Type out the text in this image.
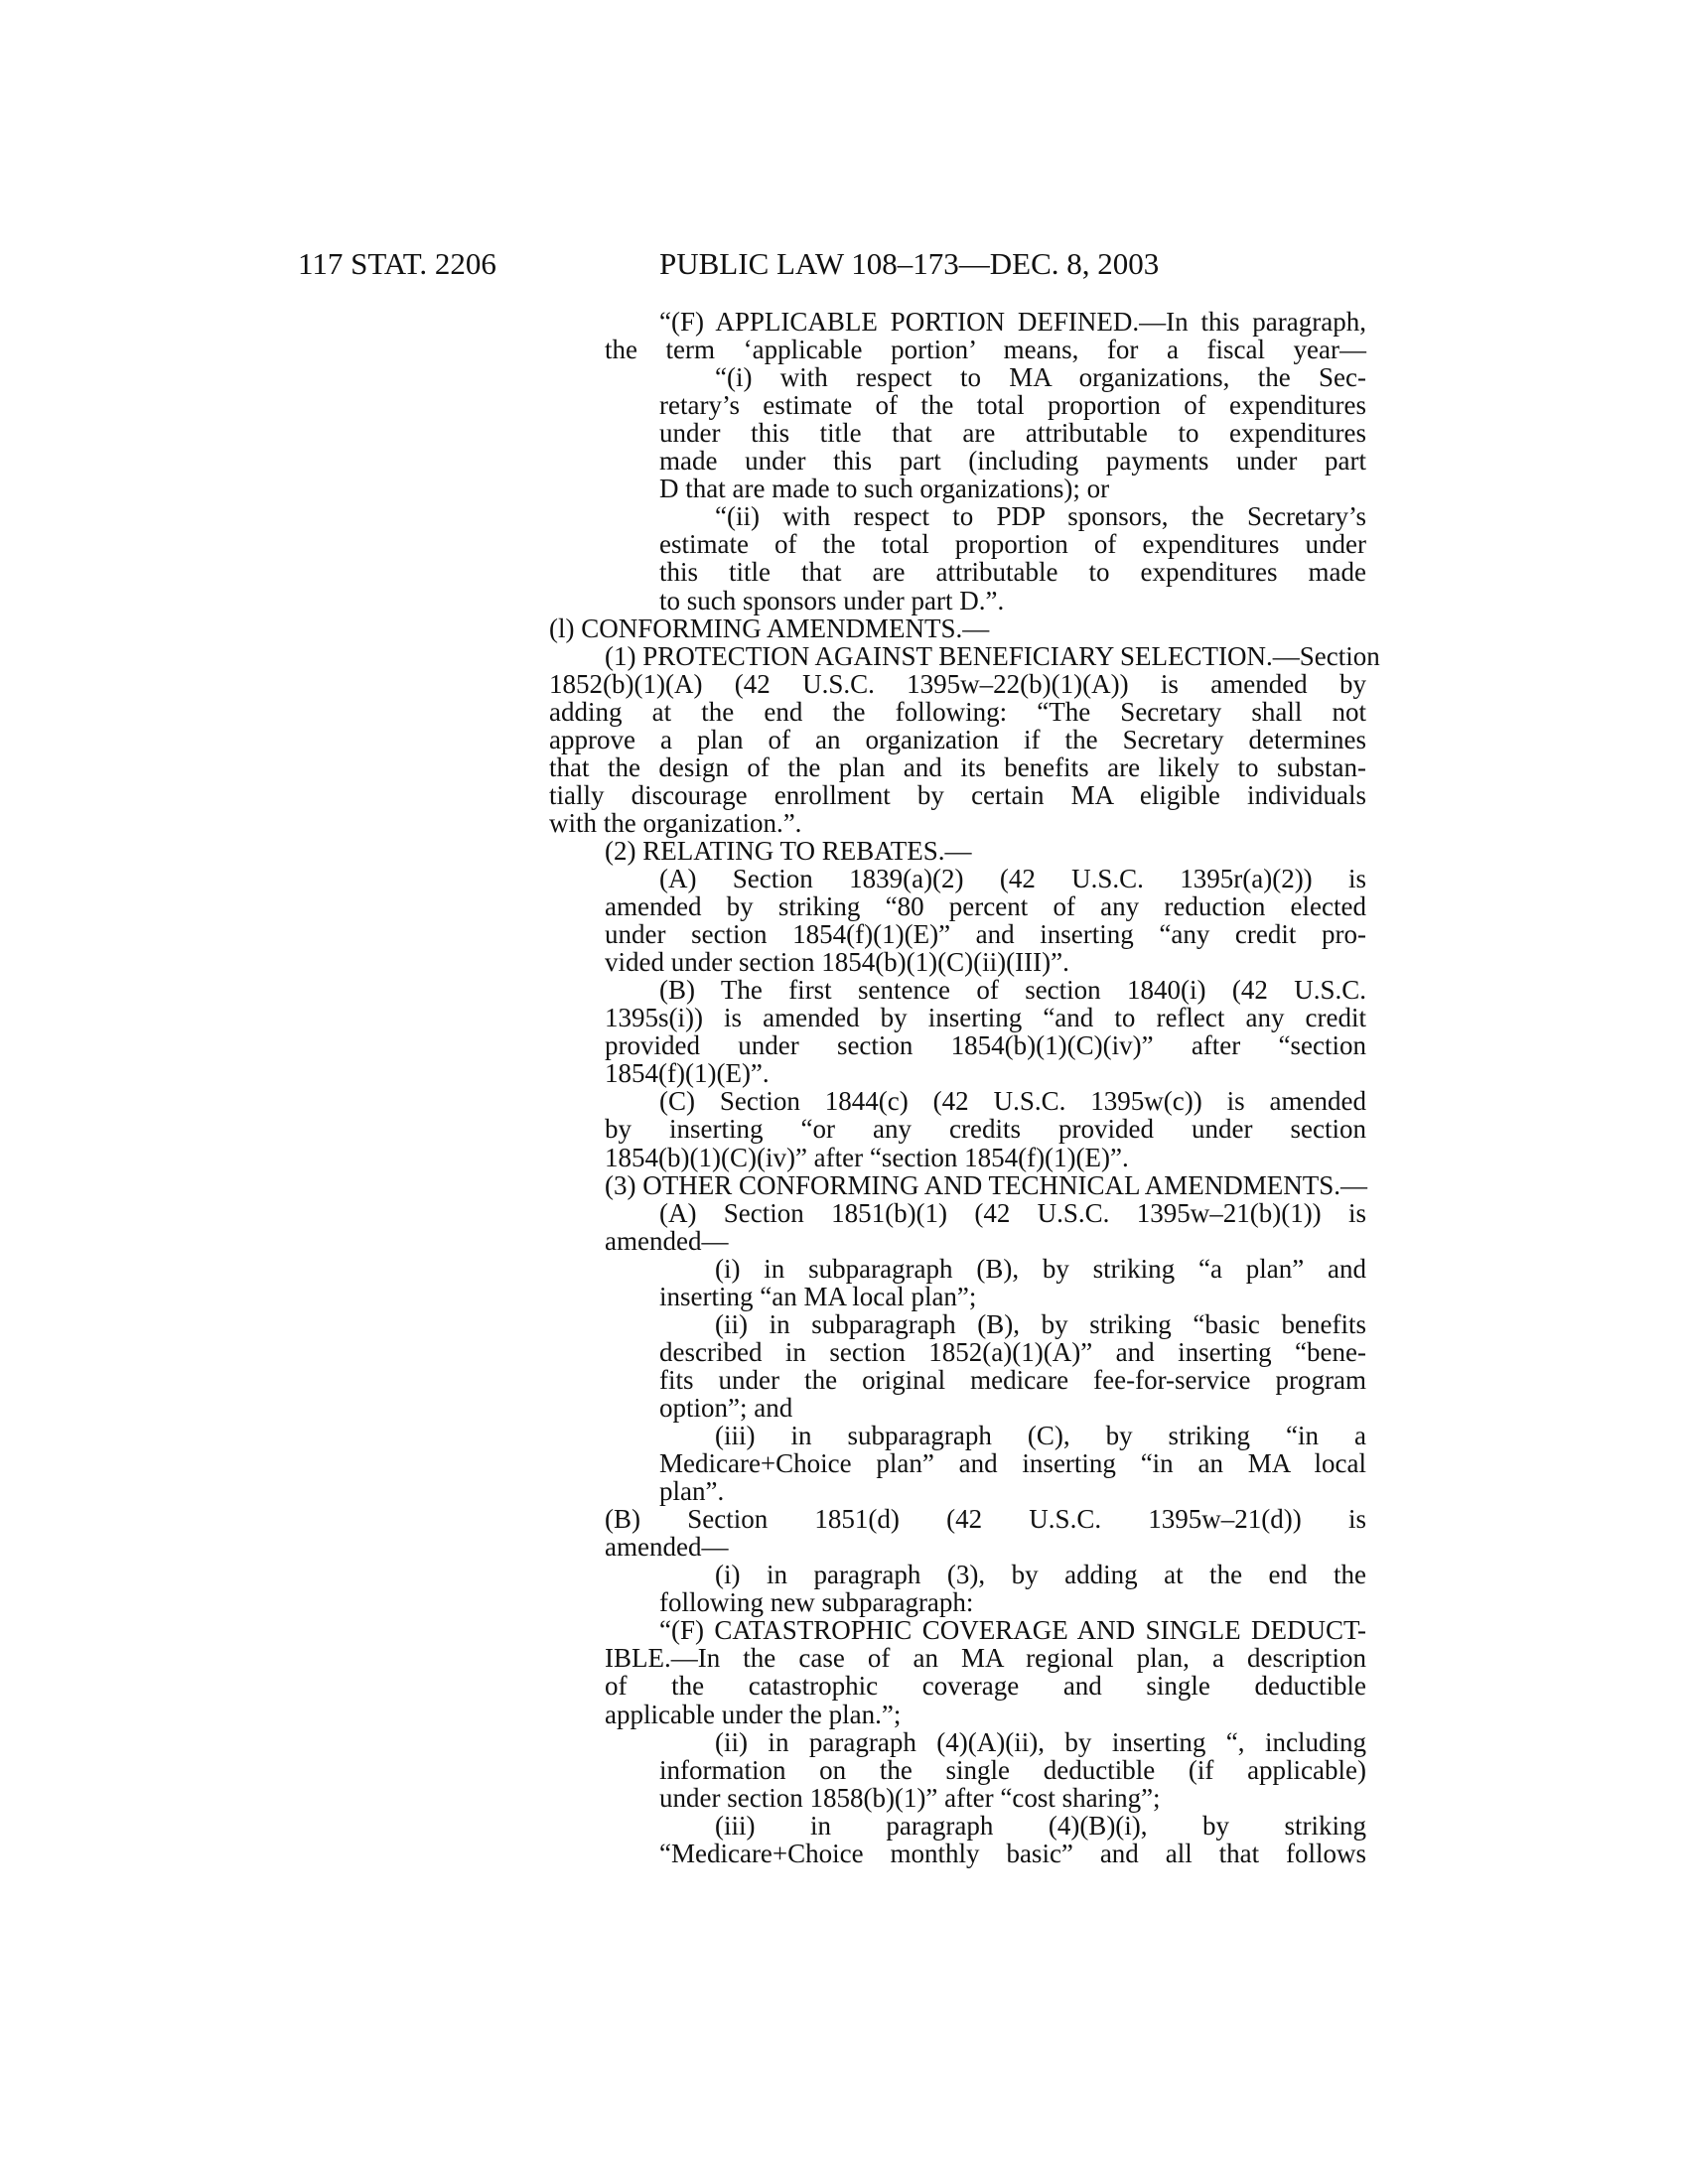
117 STAT. 2206	PUBLIC LAW 108–173—DEC. 8, 2003
“(F) APPLICABLE PORTION DEFINED.—In this paragraph,
the term ‘applicable portion’ means, for a fiscal year—
“(i) with respect to MA organizations, the Sec-
retary’s estimate of the total proportion of expenditures
under this title that are attributable to expenditures
made under this part (including payments under part
D that are made to such organizations); or
“(ii) with respect to PDP sponsors, the Secretary’s
estimate of the total proportion of expenditures under
this title that are attributable to expenditures made
to such sponsors under part D.”.
(l) CONFORMING AMENDMENTS.—
(1) PROTECTION AGAINST BENEFICIARY SELECTION.—Section
1852(b)(1)(A) (42 U.S.C. 1395w–22(b)(1)(A)) is amended by
adding at the end the following: “The Secretary shall not
approve a plan of an organization if the Secretary determines
that the design of the plan and its benefits are likely to substan-
tially discourage enrollment by certain MA eligible individuals
with the organization.”.
(2) RELATING TO REBATES.—
(A) Section 1839(a)(2) (42 U.S.C. 1395r(a)(2)) is
amended by striking “80 percent of any reduction elected
under section 1854(f)(1)(E)” and inserting “any credit pro-
vided under section 1854(b)(1)(C)(ii)(III)”.
(B) The first sentence of section 1840(i) (42 U.S.C.
1395s(i)) is amended by inserting “and to reflect any credit
provided under section 1854(b)(1)(C)(iv)” after “section
1854(f)(1)(E)”.
(C) Section 1844(c) (42 U.S.C. 1395w(c)) is amended
by inserting “or any credits provided under section
1854(b)(1)(C)(iv)” after “section 1854(f)(1)(E)”.
(3) OTHER CONFORMING AND TECHNICAL AMENDMENTS.—
(A) Section 1851(b)(1) (42 U.S.C. 1395w–21(b)(1)) is
amended—
(i) in subparagraph (B), by striking “a plan” and
inserting “an MA local plan”;
(ii) in subparagraph (B), by striking “basic benefits
described in section 1852(a)(1)(A)” and inserting “bene-
fits under the original medicare fee-for-service program
option”; and
(iii) in subparagraph (C), by striking “in a
Medicare+Choice plan” and inserting “in an MA local
plan”.
(B) Section 1851(d) (42 U.S.C. 1395w–21(d)) is
amended—
(i) in paragraph (3), by adding at the end the
following new subparagraph:
“(F) CATASTROPHIC COVERAGE AND SINGLE DEDUCT-
IBLE.—In the case of an MA regional plan, a description
of the catastrophic coverage and single deductible
applicable under the plan.”;
(ii) in paragraph (4)(A)(ii), by inserting “, including
information on the single deductible (if applicable)
under section 1858(b)(1)” after “cost sharing”;
(iii) in paragraph (4)(B)(i), by striking
“Medicare+Choice monthly basic” and all that follows
